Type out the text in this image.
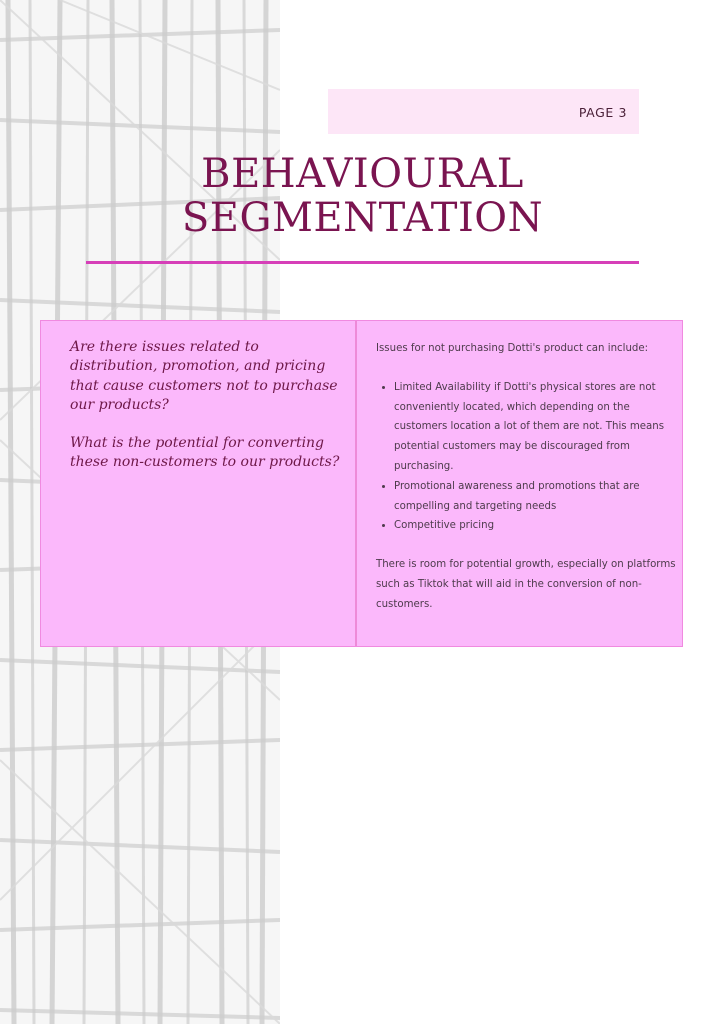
PAGE 3
BEHAVIOURAL
SEGMENTATION

Are there issues related to distribution, promotion, and pricing that cause customers not to purchase our products?

What is the potential for converting these non-customers to our products?

Issues for not purchasing Dotti's product can include:

• Limited Availability if Dotti's physical stores are not conveniently located, which depending on the customers location a lot of them are not. This means potential customers may be discouraged from purchasing.
• Promotional awareness and promotions that are compelling and targeting needs
• Competitive pricing

There is room for potential growth, especially on platforms such as Tiktok that will aid in the conversion of non-customers.
